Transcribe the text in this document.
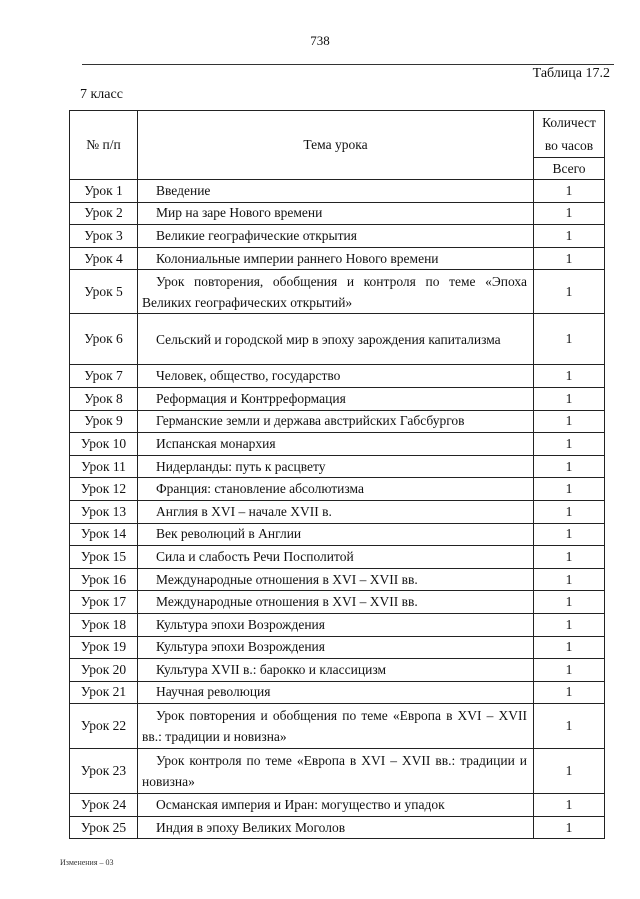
738
Таблица 17.2
7 класс
№ п/п	Тема урока	Количест
во часов
		Всего
Урок 1	Введение	1
Урок 2	Мир на заре Нового времени	1
Урок 3	Великие географические открытия	1
Урок 4	Колониальные империи раннего Нового времени	1
Урок 5	Урок повторения, обобщения и контроля по теме «Эпоха Великих географических открытий»	1
Урок 6	Сельский и городской мир в эпоху зарождения капитализма	1
Урок 7	Человек, общество, государство	1
Урок 8	Реформация и Контрреформация	1
Урок 9	Германские земли и держава австрийских Габсбургов	1
Урок 10	Испанская монархия	1
Урок 11	Нидерланды: путь к расцвету	1
Урок 12	Франция: становление абсолютизма	1
Урок 13	Англия в XVI – начале XVII в.	1
Урок 14	Век революций в Англии	1
Урок 15	Сила и слабость Речи Посполитой	1
Урок 16	Международные отношения в XVI – XVII вв.	1
Урок 17	Международные отношения в XVI – XVII вв.	1
Урок 18	Культура эпохи Возрождения	1
Урок 19	Культура эпохи Возрождения	1
Урок 20	Культура XVII в.: барокко и классицизм	1
Урок 21	Научная революция	1
Урок 22	Урок повторения и обобщения по теме «Европа в XVI – XVII вв.: традиции и новизна»	1
Урок 23	Урок контроля по теме «Европа в XVI – XVII вв.: традиции и новизна»	1
Урок 24	Османская империя и Иран: могущество и упадок	1
Урок 25	Индия в эпоху Великих Моголов	1
Изменения – 03
